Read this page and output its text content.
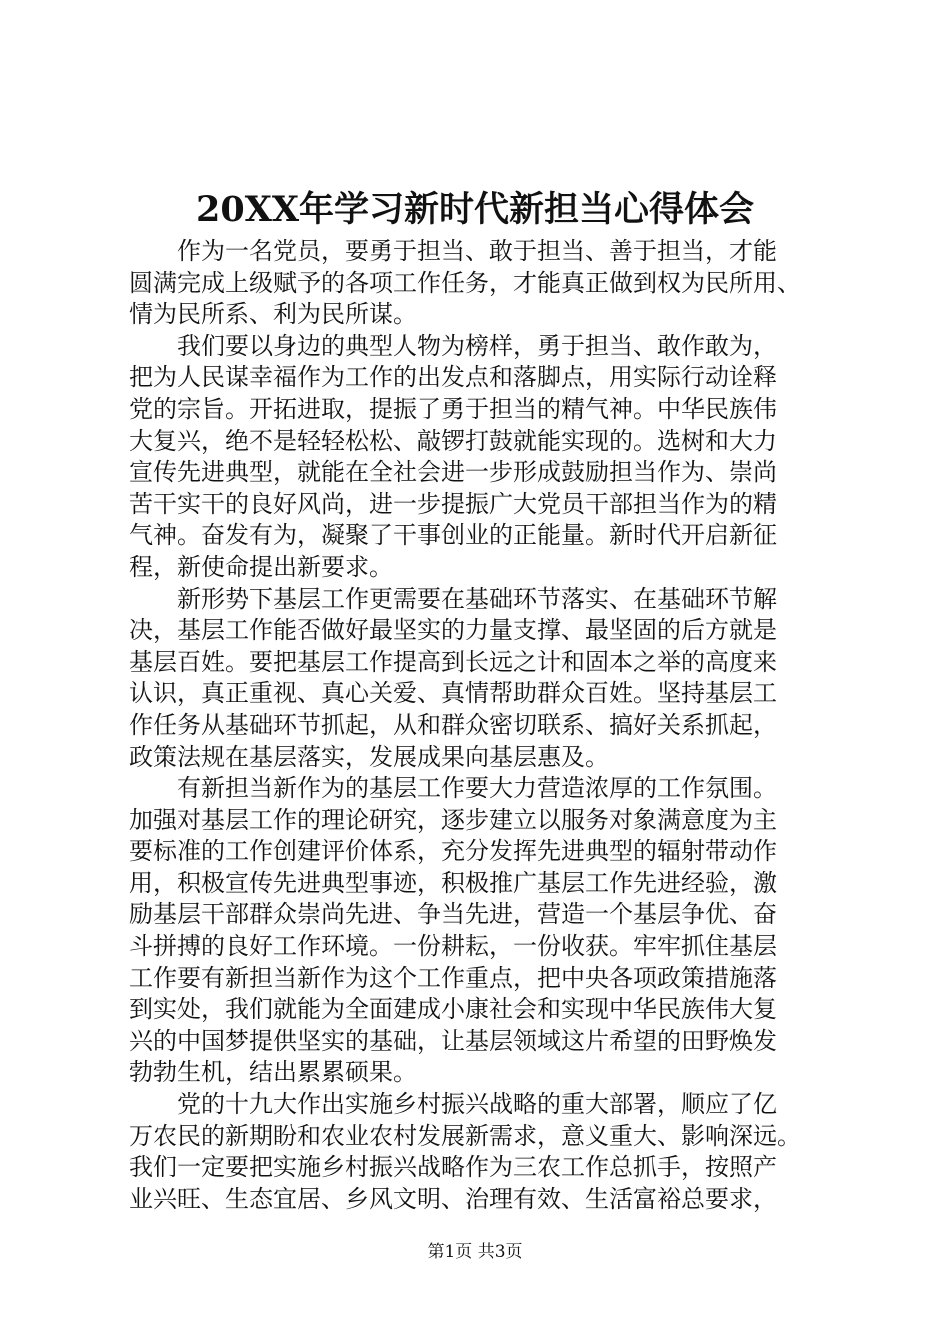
20XX年学习新时代新担当心得体会
　　作为一名党员，要勇于担当、敢于担当、善于担当，才能
圆满完成上级赋予的各项工作任务，才能真正做到权为民所用、
情为民所系、利为民所谋。
　　我们要以身边的典型人物为榜样，勇于担当、敢作敢为，
把为人民谋幸福作为工作的出发点和落脚点，用实际行动诠释
党的宗旨。开拓进取，提振了勇于担当的精气神。中华民族伟
大复兴，绝不是轻轻松松、敲锣打鼓就能实现的。选树和大力
宣传先进典型，就能在全社会进一步形成鼓励担当作为、崇尚
苦干实干的良好风尚，进一步提振广大党员干部担当作为的精
气神。奋发有为，凝聚了干事创业的正能量。新时代开启新征
程，新使命提出新要求。
　　新形势下基层工作更需要在基础环节落实、在基础环节解
决，基层工作能否做好最坚实的力量支撑、最坚固的后方就是
基层百姓。要把基层工作提高到长远之计和固本之举的高度来
认识，真正重视、真心关爱、真情帮助群众百姓。坚持基层工
作任务从基础环节抓起，从和群众密切联系、搞好关系抓起，
政策法规在基层落实，发展成果向基层惠及。
　　有新担当新作为的基层工作要大力营造浓厚的工作氛围。
加强对基层工作的理论研究，逐步建立以服务对象满意度为主
要标准的工作创建评价体系，充分发挥先进典型的辐射带动作
用，积极宣传先进典型事迹，积极推广基层工作先进经验，激
励基层干部群众崇尚先进、争当先进，营造一个基层争优、奋
斗拼搏的良好工作环境。一份耕耘，一份收获。牢牢抓住基层
工作要有新担当新作为这个工作重点，把中央各项政策措施落
到实处，我们就能为全面建成小康社会和实现中华民族伟大复
兴的中国梦提供坚实的基础，让基层领域这片希望的田野焕发
勃勃生机，结出累累硕果。
　　党的十九大作出实施乡村振兴战略的重大部署，顺应了亿
万农民的新期盼和农业农村发展新需求，意义重大、影响深远。
我们一定要把实施乡村振兴战略作为三农工作总抓手，按照产
业兴旺、生态宜居、乡风文明、治理有效、生活富裕总要求，
第1页 共3页
